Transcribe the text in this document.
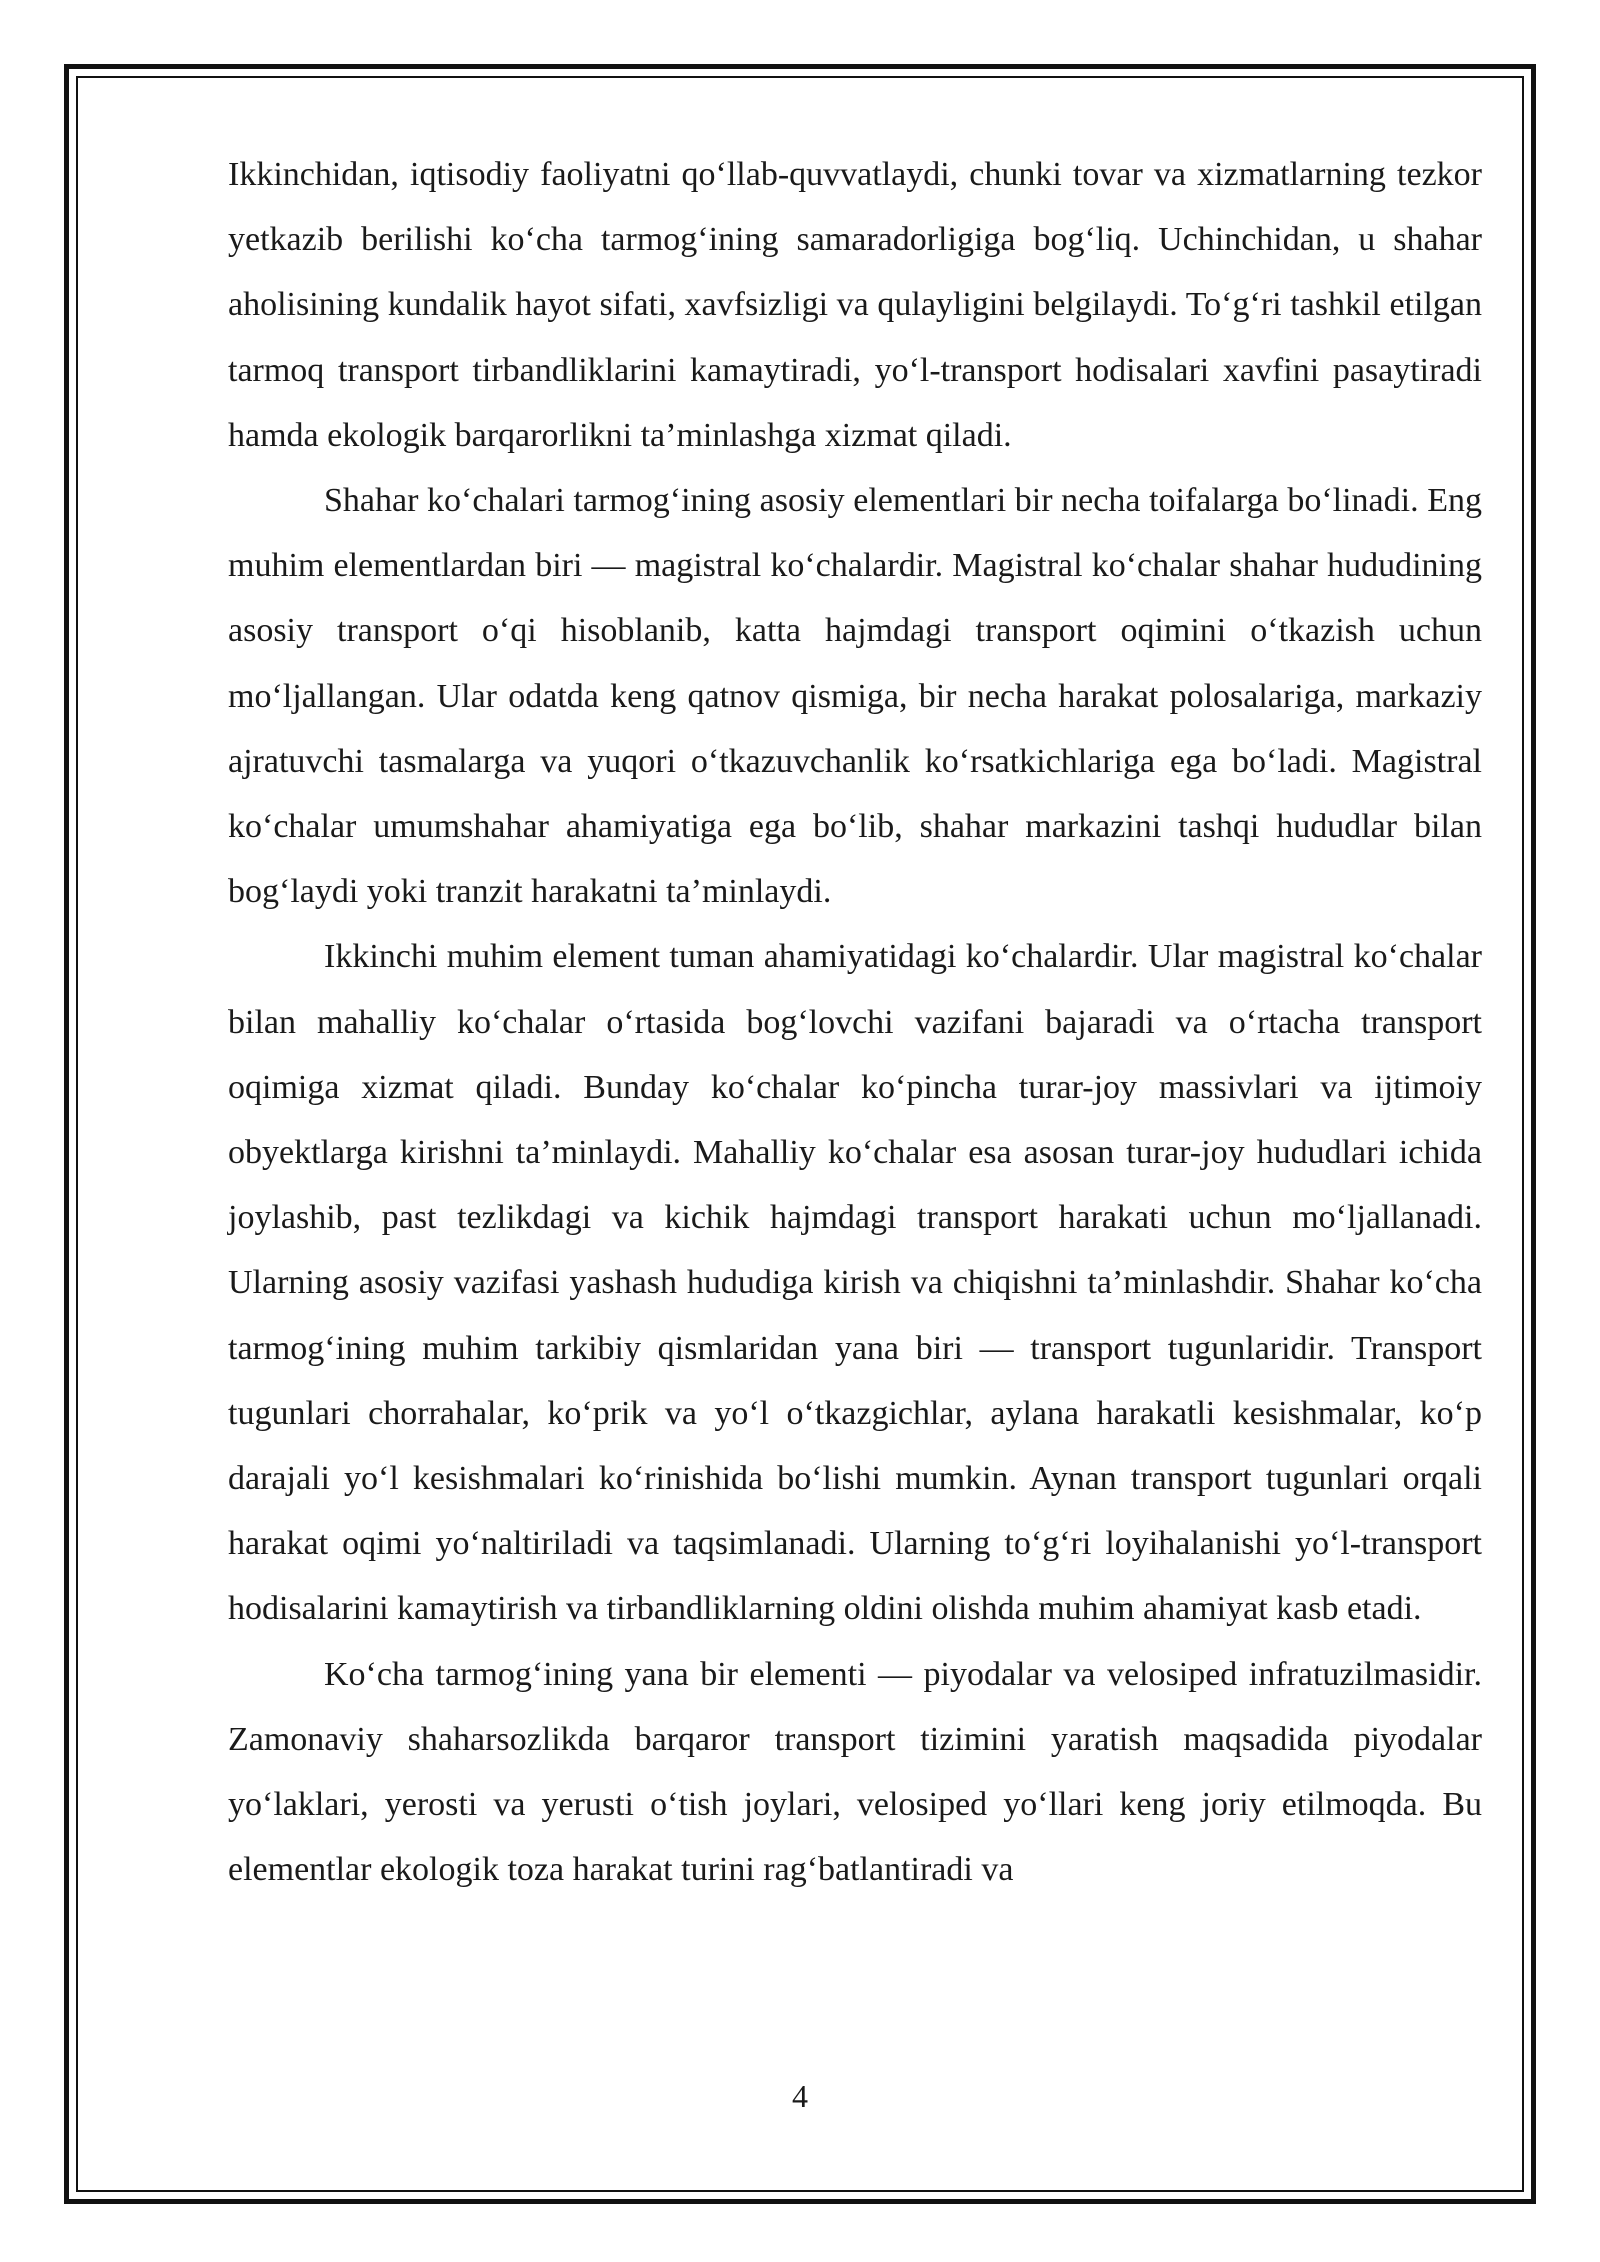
Ikkinchidan, iqtisodiy faoliyatni qo‘llab-quvvatlaydi, chunki tovar va xizmatlarning tezkor yetkazib berilishi ko‘cha tarmog‘ining samaradorligiga bog‘liq. Uchinchidan, u shahar aholisining kundalik hayot sifati, xavfsizligi va qulayligini belgilaydi. To‘g‘ri tashkil etilgan tarmoq transport tirbandliklarini kamaytiradi, yo‘l-transport hodisalari xavfini pasaytiradi hamda ekologik barqarorlikni ta’minlashga xizmat qiladi.

Shahar ko‘chalari tarmog‘ining asosiy elementlari bir necha toifalarga bo‘linadi. Eng muhim elementlardan biri — magistral ko‘chalardir. Magistral ko‘chalar shahar hududining asosiy transport o‘qi hisoblanib, katta hajmdagi transport oqimini o‘tkazish uchun mo‘ljallangan. Ular odatda keng qatnov qismiga, bir necha harakat polosalariga, markaziy ajratuvchi tasmalarga va yuqori o‘tkazuvchanlik ko‘rsatkichlariga ega bo‘ladi. Magistral ko‘chalar umumshahar ahamiyatiga ega bo‘lib, shahar markazini tashqi hududlar bilan bog‘laydi yoki tranzit harakatni ta’minlaydi.

Ikkinchi muhim element tuman ahamiyatidagi ko‘chalardir. Ular magistral ko‘chalar bilan mahalliy ko‘chalar o‘rtasida bog‘lovchi vazifani bajaradi va o‘rtacha transport oqimiga xizmat qiladi. Bunday ko‘chalar ko‘pincha turar-joy massivlari va ijtimoiy obyektlarga kirishni ta’minlaydi. Mahalliy ko‘chalar esa asosan turar-joy hududlari ichida joylashib, past tezlikdagi va kichik hajmdagi transport harakati uchun mo‘ljallanadi. Ularning asosiy vazifasi yashash hududiga kirish va chiqishni ta’minlashdir. Shahar ko‘cha tarmog‘ining muhim tarkibiy qismlaridan yana biri — transport tugunlaridir. Transport tugunlari chorrahalar, ko‘prik va yo‘l o‘tkazgichlar, aylana harakatli kesishmalar, ko‘p darajali yo‘l kesishmalari ko‘rinishida bo‘lishi mumkin. Aynan transport tugunlari orqali harakat oqimi yo‘naltiriladi va taqsimlanadi. Ularning to‘g‘ri loyihalanishi yo‘l-transport hodisalarini kamaytirish va tirbandliklarning oldini olishda muhim ahamiyat kasb etadi.

Ko‘cha tarmog‘ining yana bir elementi — piyodalar va velosiped infratuzilmasidir. Zamonaviy shaharsozlikda barqaror transport tizimini yaratish maqsadida piyodalar yo‘laklari, yerosti va yerusti o‘tish joylari, velosiped yo‘llari keng joriy etilmoqda. Bu elementlar ekologik toza harakat turini rag‘batlantiradi va

4
